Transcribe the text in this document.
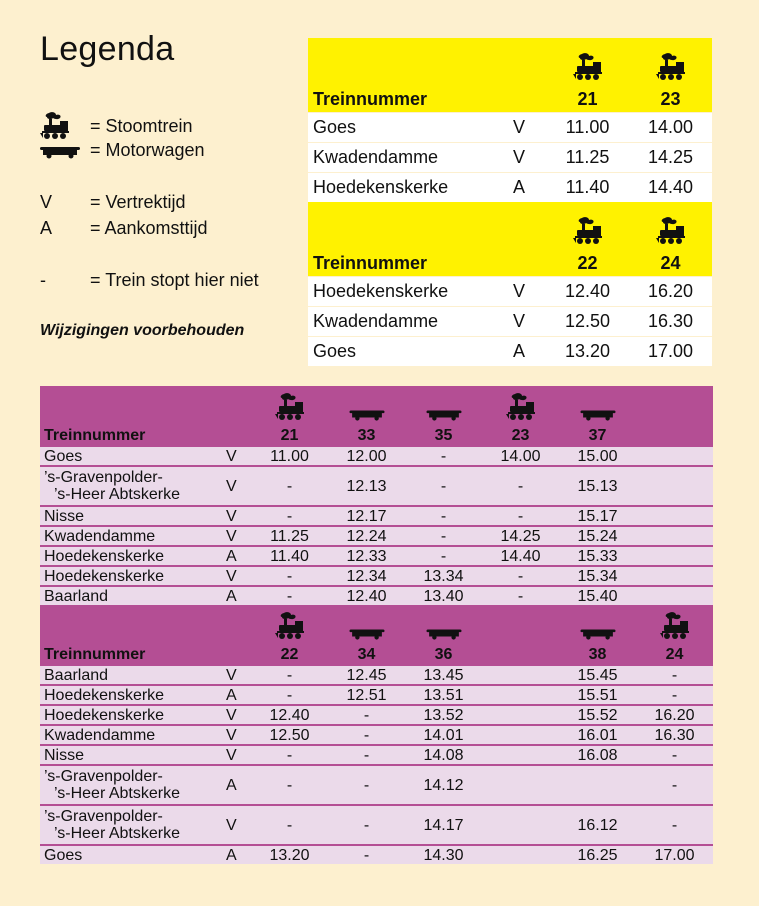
Legenda
= Stoomtrein
= Motorwagen
V	= Vertrektijd
A	= Aankomsttijd
-	= Trein stopt hier niet
Wijzigingen voorbehouden

Treinnummer		21	23
Goes	V	11.00	14.00
Kwadendamme	V	11.25	14.25
Hoedekenskerke	A	11.40	14.40

Treinnummer		22	24
Hoedekenskerke	V	12.40	16.20
Kwadendamme	V	12.50	16.30
Goes	A	13.20	17.00

Treinnummer		21	33	35	23	37	

Goes	V	11.00	12.00	-	14.00	15.00	

’s-Gravenpolder-
’s-Heer Abtskerke	V	-	12.13	-	-	15.13	

Nisse	V	-	12.17	-	-	15.17	

Kwadendamme	V	11.25	12.24	-	14.25	15.24	

Hoedekenskerke	A	11.40	12.33	-	14.40	15.33	

Hoedekenskerke	V	-	12.34	13.34	-	15.34	

Baarland	A	-	12.40	13.40	-	15.40	

Treinnummer		22	34	36		38	24

Baarland	V	-	12.45	13.45		15.45	-

Hoedekenskerke	A	-	12.51	13.51		15.51	-

Hoedekenskerke	V	12.40	-	13.52		15.52	16.20

Kwadendamme	V	12.50	-	14.01		16.01	16.30

Nisse	V	-	-	14.08		16.08	-

’s-Gravenpolder-
’s-Heer Abtskerke	A	-	-	14.12			-

’s-Gravenpolder-
’s-Heer Abtskerke	V	-	-	14.17		16.12	-

Goes	A	13.20	-	14.30		16.25	17.00
